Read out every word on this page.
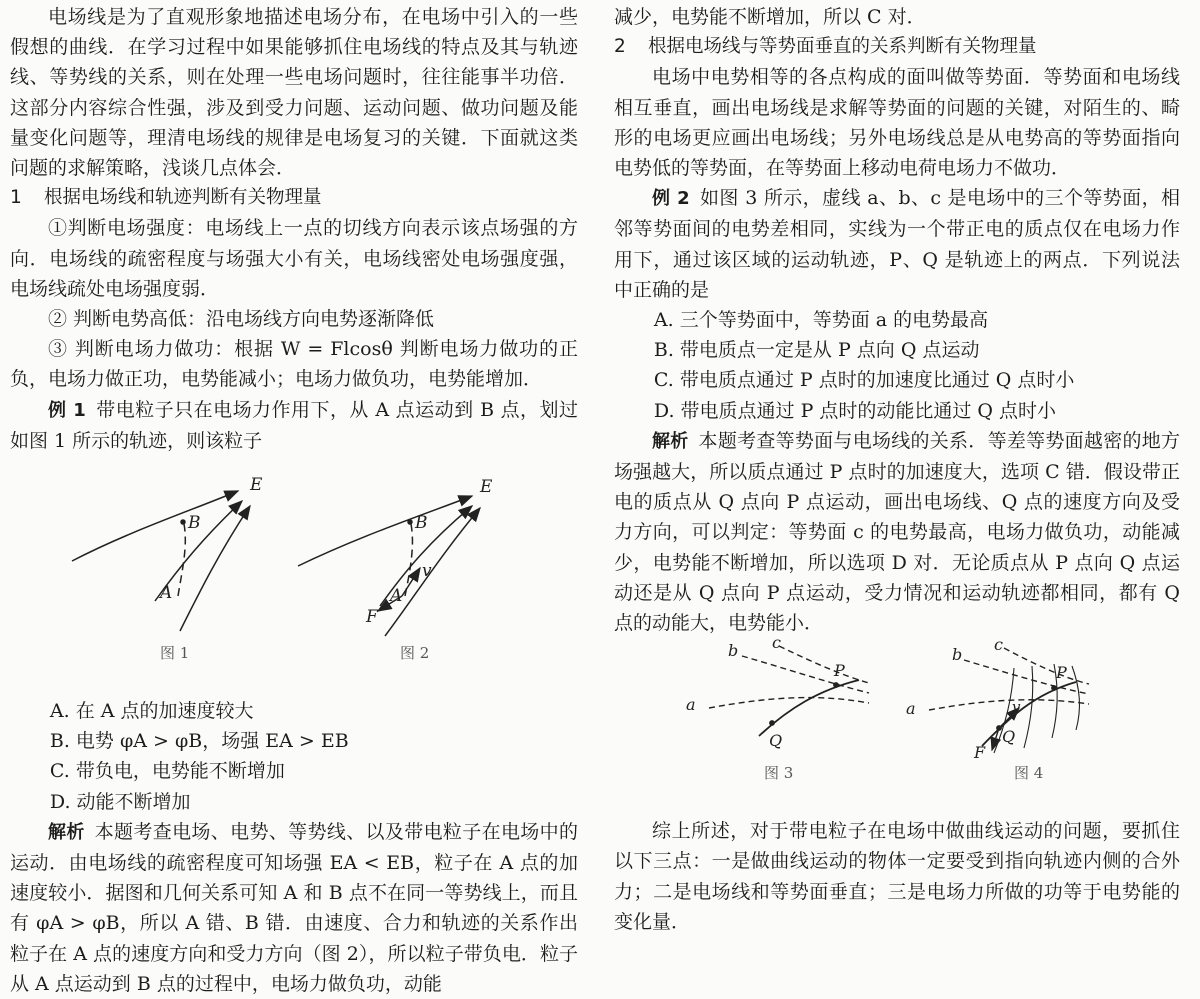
电场线是为了直观形象地描述电场分布，在电场中引入的一些假想的曲线．在学习过程中如果能够抓住电场线的特点及其与轨迹线、等势线的关系，则在处理一些电场问题时，往往能事半功倍．这部分内容综合性强，涉及到受力问题、运动问题、做功问题及能量变化问题等，理清电场线的规律是电场复习的关键．下面就这类问题的求解策略，浅谈几点体会．

1 根据电场线和轨迹判断有关物理量

①判断电场强度：电场线上一点的切线方向表示该点场强的方向．电场线的疏密程度与场强大小有关，电场线密处电场强度强，电场线疏处电场强度弱．

② 判断电势高低：沿电场线方向电势逐渐降低

③ 判断电场力做功：根据 W = Flcosθ 判断电场力做功的正负，电场力做正功，电势能减小；电场力做负功，电势能增加．

例 1 带电粒子只在电场力作用下，从 A 点运动到 B 点，划过如图 1 所示的轨迹，则该粒子

E
B
A
图 1
E
B
A
v
F
图 2

A. 在 A 点的加速度较大

B. 电势 φA > φB，场强 EA > EB

C. 带负电，电势能不断增加

D. 动能不断增加

解析 本题考查电场、电势、等势线、以及带电粒子在电场中的运动．由电场线的疏密程度可知场强 EA < EB，粒子在 A 点的加速度较小．据图和几何关系可知 A 和 B 点不在同一等势线上，而且有 φA > φB，所以 A 错、B 错．由速度、合力和轨迹的关系作出粒子在 A 点的速度方向和受力方向（图 2），所以粒子带负电．粒子从 A 点运动到 B 点的过程中，电场力做负功，动能

减少，电势能不断增加，所以 C 对．

2 根据电场线与等势面垂直的关系判断有关物理量

电场中电势相等的各点构成的面叫做等势面．等势面和电场线相互垂直，画出电场线是求解等势面的问题的关键，对陌生的、畸形的电场更应画出电场线；另外电场线总是从电势高的等势面指向电势低的等势面，在等势面上移动电荷电场力不做功．

例 2 如图 3 所示，虚线 a、b、c 是电场中的三个等势面，相邻等势面间的电势差相同，实线为一个带正电的质点仅在电场力作用下，通过该区域的运动轨迹，P、Q 是轨迹上的两点．下列说法中正确的是

A. 三个等势面中，等势面 a 的电势最高

B. 带电质点一定是从 P 点向 Q 点运动

C. 带电质点通过 P 点时的加速度比通过 Q 点时小

D. 带电质点通过 P 点时的动能比通过 Q 点时小

解析 本题考查等势面与电场线的关系．等差等势面越密的地方场强越大，所以质点通过 P 点时的加速度大，选项 C 错．假设带正电的质点从 Q 点向 P 点运动，画出电场线、Q 点的速度方向及受力方向，可以判定：等势面 c 的电势最高，电场力做负功，动能减少，电势能不断增加，所以选项 D 对．无论质点从 P 点向 Q 点运动还是从 Q 点向 P 点运动，受力情况和运动轨迹都相同，都有 Q 点的动能大，电势能小．

a
b c
P
Q
图 3
a
b
c
P
Q
v
F
图 4

综上所述，对于带电粒子在电场中做曲线运动的问题，要抓住以下三点：一是做曲线运动的物体一定要受到指向轨迹内侧的合外力；二是电场线和等势面垂直；三是电场力所做的功等于电势能的变化量．
